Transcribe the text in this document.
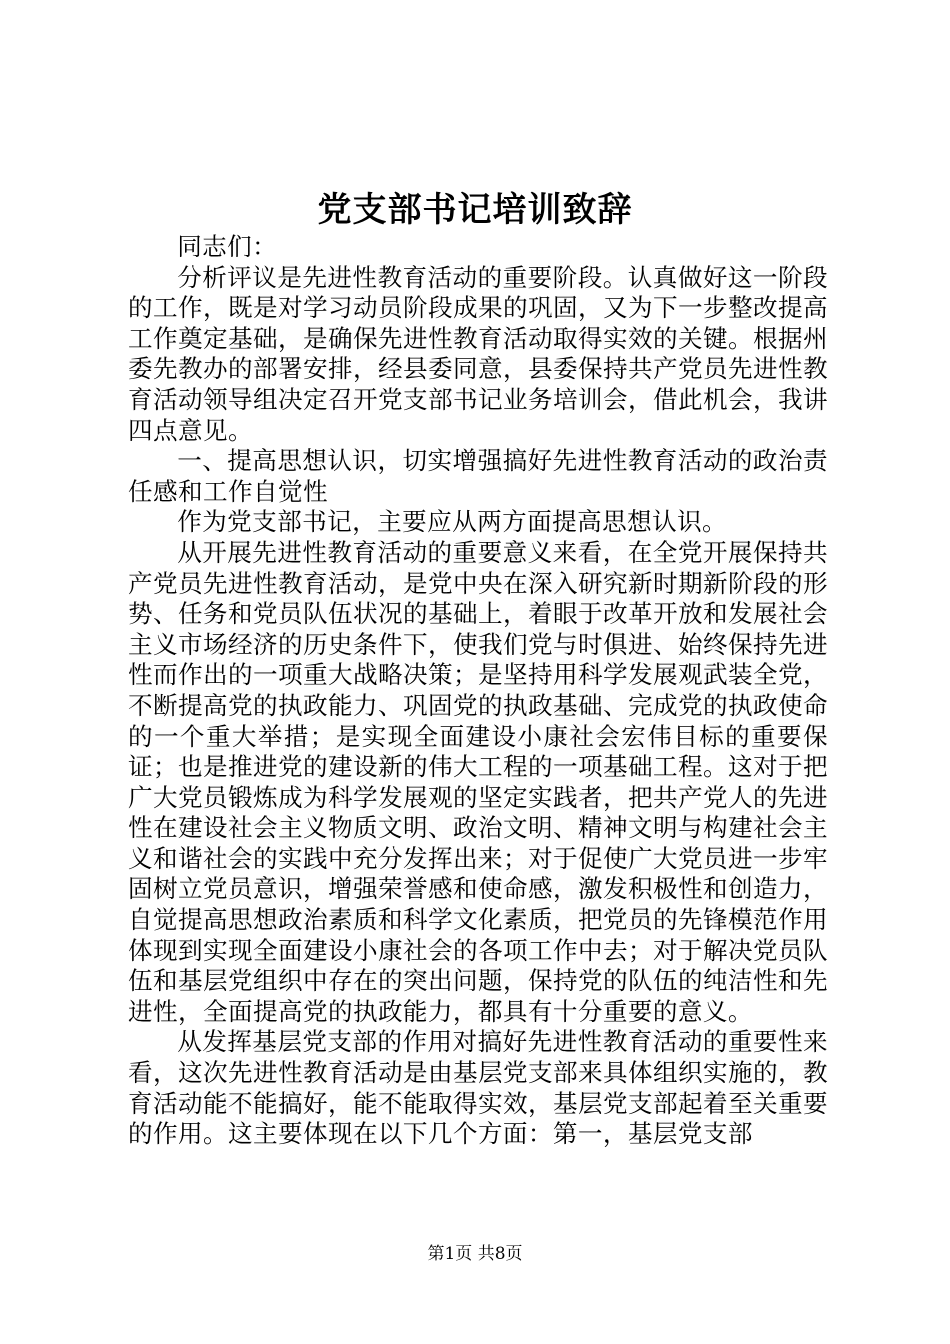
党支部书记培训致辞

同志们：

分析评议是先进性教育活动的重要阶段。认真做好这一阶段的工作，既是对学习动员阶段成果的巩固，又为下一步整改提高工作奠定基础，是确保先进性教育活动取得实效的关键。根据州委先教办的部署安排，经县委同意，县委保持共产党员先进性教育活动领导组决定召开党支部书记业务培训会，借此机会，我讲四点意见。

一、提高思想认识，切实增强搞好先进性教育活动的政治责任感和工作自觉性

作为党支部书记，主要应从两方面提高思想认识。

从开展先进性教育活动的重要意义来看，在全党开展保持共产党员先进性教育活动，是党中央在深入研究新时期新阶段的形势、任务和党员队伍状况的基础上，着眼于改革开放和发展社会主义市场经济的历史条件下，使我们党与时俱进、始终保持先进性而作出的一项重大战略决策；是坚持用科学发展观武装全党，不断提高党的执政能力、巩固党的执政基础、完成党的执政使命的一个重大举措；是实现全面建设小康社会宏伟目标的重要保证；也是推进党的建设新的伟大工程的一项基础工程。这对于把广大党员锻炼成为科学发展观的坚定实践者，把共产党人的先进性在建设社会主义物质文明、政治文明、精神文明与构建社会主义和谐社会的实践中充分发挥出来；对于促使广大党员进一步牢固树立党员意识，增强荣誉感和使命感，激发积极性和创造力，自觉提高思想政治素质和科学文化素质，把党员的先锋模范作用体现到实现全面建设小康社会的各项工作中去；对于解决党员队伍和基层党组织中存在的突出问题，保持党的队伍的纯洁性和先进性，全面提高党的执政能力，都具有十分重要的意义。

从发挥基层党支部的作用对搞好先进性教育活动的重要性来看，这次先进性教育活动是由基层党支部来具体组织实施的，教育活动能不能搞好，能不能取得实效，基层党支部起着至关重要的作用。这主要体现在以下几个方面：第一，基层党支部

第1页 共8页
